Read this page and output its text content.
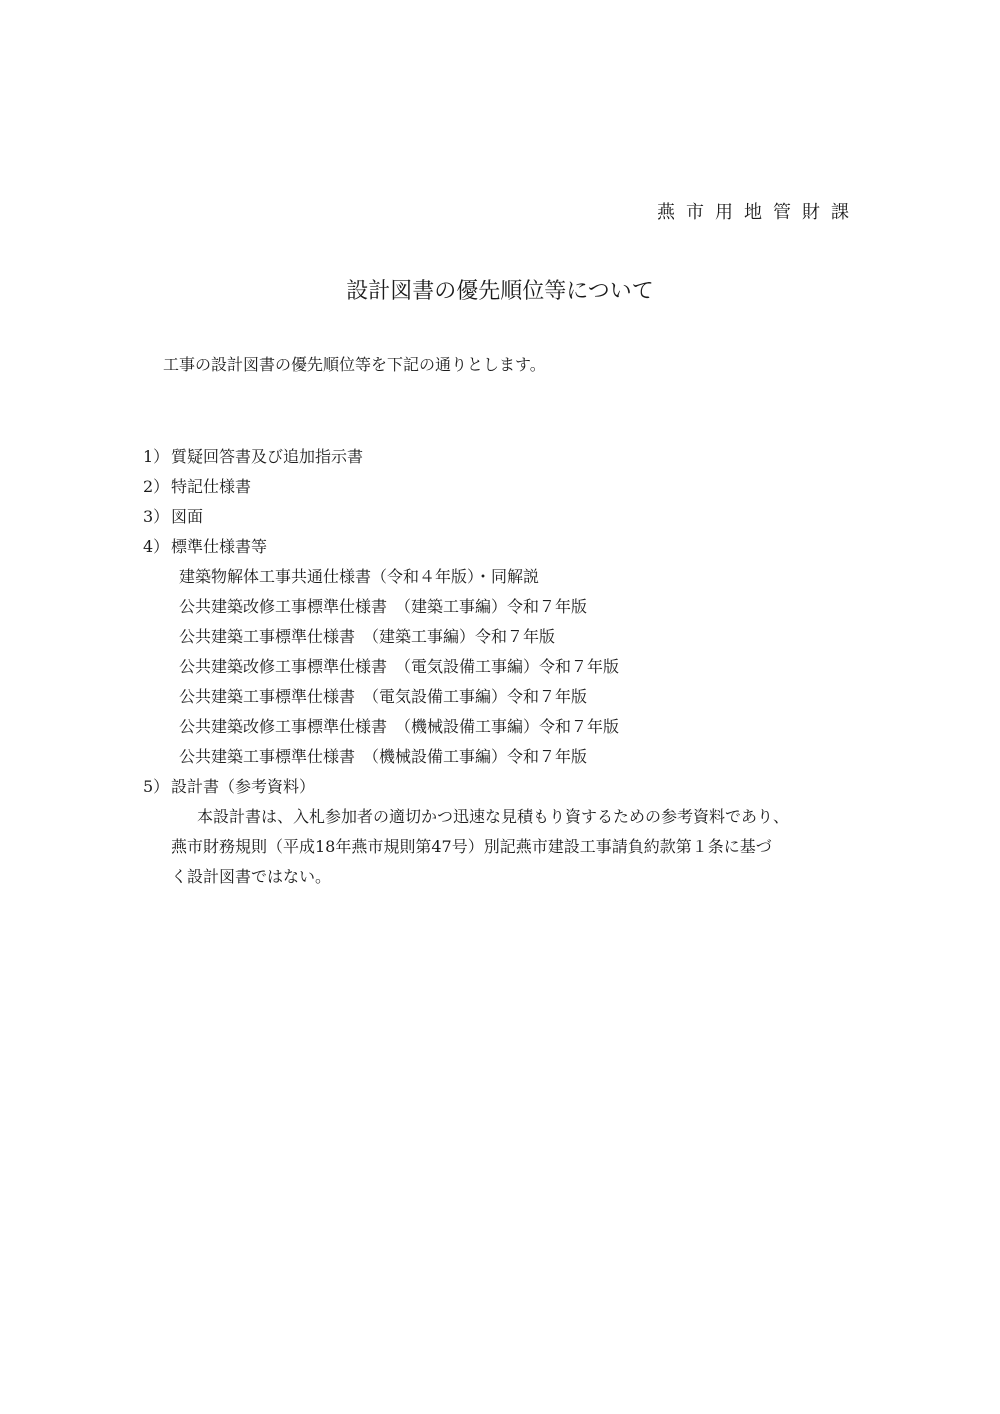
燕市用地管財課
設計図書の優先順位等について
工事の設計図書の優先順位等を下記の通りとします。
1） 質疑回答書及び追加指示書
2） 特記仕様書
3） 図面
4） 標準仕様書等
建築物解体工事共通仕様書（令和４年版）・同解説
公共建築改修工事標準仕様書　（建築工事編）令和７年版
公共建築工事標準仕様書　（建築工事編）令和７年版
公共建築改修工事標準仕様書　（電気設備工事編）令和７年版
公共建築工事標準仕様書　（電気設備工事編）令和７年版
公共建築改修工事標準仕様書　（機械設備工事編）令和７年版
公共建築工事標準仕様書　（機械設備工事編）令和７年版
5） 設計書（参考資料）
本設計書は、入札参加者の適切かつ迅速な見積もり資するための参考資料であり、
燕市財務規則（平成18年燕市規則第47号）別記燕市建設工事請負約款第１条に基づ
く設計図書ではない。
